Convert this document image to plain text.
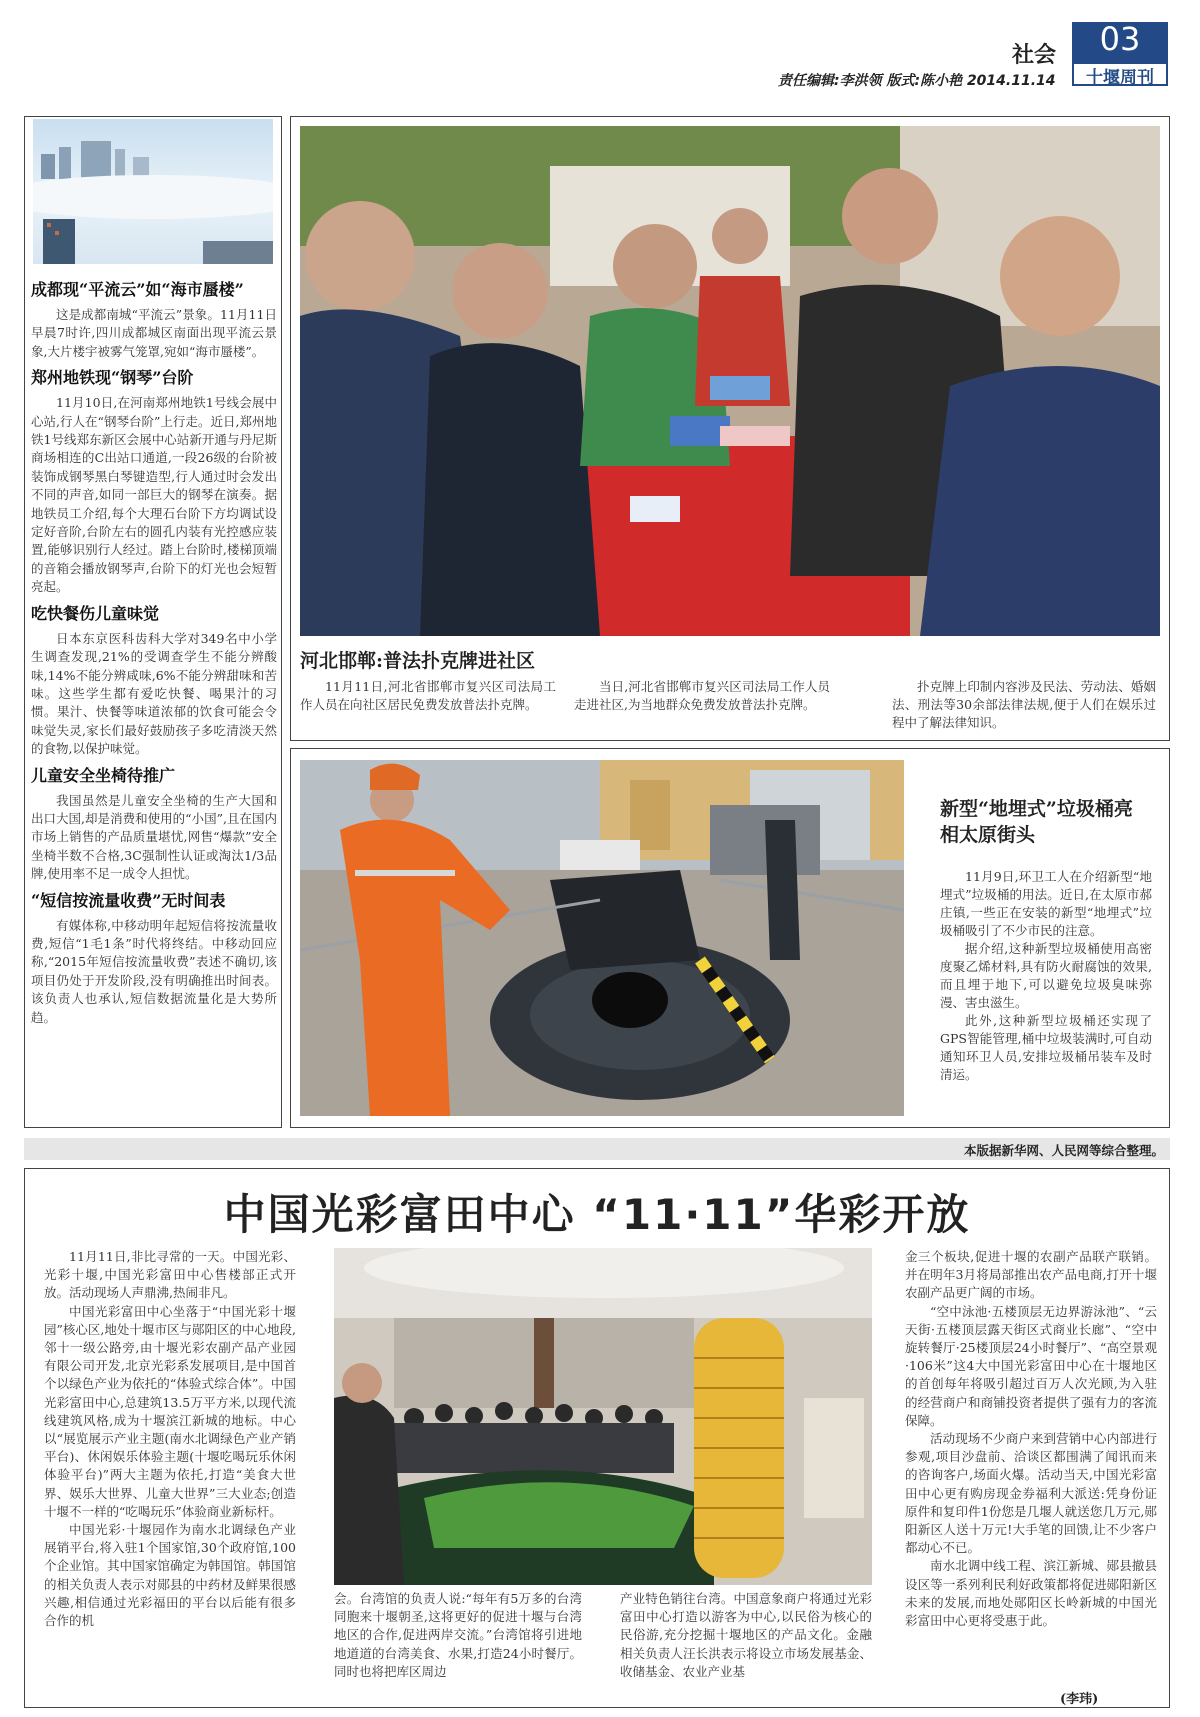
社会	03
十堰周刊
责任编辑:李洪领 版式:陈小艳 2014.11.14
成都现“平流云”如“海市蜃楼”
这是成都南城“平流云”景象。11月11日早晨7时许,四川成都城区南面出现平流云景象,大片楼宇被雾气笼罩,宛如“海市蜃楼”。
郑州地铁现“钢琴”台阶
11月10日,在河南郑州地铁1号线会展中心站,行人在“钢琴台阶”上行走。近日,郑州地铁1号线郑东新区会展中心站新开通与丹尼斯商场相连的C出站口通道,一段26级的台阶被装饰成钢琴黑白琴键造型,行人通过时会发出不同的声音,如同一部巨大的钢琴在演奏。据地铁员工介绍,每个大理石台阶下方均调试设定好音阶,台阶左右的圆孔内装有光控感应装置,能够识别行人经过。踏上台阶时,楼梯顶端的音箱会播放钢琴声,台阶下的灯光也会短暂亮起。
吃快餐伤儿童味觉
日本东京医科齿科大学对349名中小学生调查发现,21%的受调查学生不能分辨酸味,14%不能分辨咸味,6%不能分辨甜味和苦味。这些学生都有爱吃快餐、喝果汁的习惯。果汁、快餐等味道浓郁的饮食可能会令味觉失灵,家长们最好鼓励孩子多吃清淡天然的食物,以保护味觉。
儿童安全坐椅待推广
我国虽然是儿童安全坐椅的生产大国和出口大国,却是消费和使用的“小国”,且在国内市场上销售的产品质量堪忧,网售“爆款”安全坐椅半数不合格,3C强制性认证或淘汰1/3品牌,使用率不足一成令人担忧。
“短信按流量收费”无时间表
有媒体称,中移动明年起短信将按流量收费,短信“1毛1条”时代将终结。中移动回应称,“2015年短信按流量收费”表述不确切,该项目仍处于开发阶段,没有明确推出时间表。该负责人也承认,短信数据流量化是大势所趋。
河北邯郸:普法扑克牌进社区
11月11日,河北省邯郸市复兴区司法局工作人员在向社区居民免费发放普法扑克牌。
当日,河北省邯郸市复兴区司法局工作人员走进社区,为当地群众免费发放普法扑克牌。
扑克牌上印制内容涉及民法、劳动法、婚姻法、刑法等30余部法律法规,便于人们在娱乐过程中了解法律知识。
新型“地埋式”垃圾桶亮相太原街头
11月9日,环卫工人在介绍新型“地埋式”垃圾桶的用法。近日,在太原市郝庄镇,一些正在安装的新型“地埋式”垃圾桶吸引了不少市民的注意。
据介绍,这种新型垃圾桶使用高密度聚乙烯材料,具有防火耐腐蚀的效果,而且埋于地下,可以避免垃圾臭味弥漫、害虫滋生。
此外,这种新型垃圾桶还实现了GPS智能管理,桶中垃圾装满时,可自动通知环卫人员,安排垃圾桶吊装车及时清运。
本版据新华网、人民网等综合整理。
中国光彩富田中心 “11·11”华彩开放

11月11日,非比寻常的一天。中国光彩、光彩十堰,中国光彩富田中心售楼部正式开放。活动现场人声鼎沸,热闹非凡。

中国光彩富田中心坐落于“中国光彩十堰园”核心区,地处十堰市区与郧阳区的中心地段,邻十一级公路旁,由十堰光彩农副产品产业园有限公司开发,北京光彩系发展项目,是中国首个以绿色产业为依托的“体验式综合体”。中国光彩富田中心,总建筑13.5万平方米,以现代流线建筑风格,成为十堰滨江新城的地标。中心以“展览展示产业主题(南水北调绿色产业产销平台)、休闲娱乐体验主题(十堰吃喝玩乐休闲体验平台)”两大主题为依托,打造“美食大世界、娱乐大世界、儿童大世界”三大业态;创造十堰不一样的“吃喝玩乐”体验商业新标杆。

中国光彩·十堰园作为南水北调绿色产业展销平台,将入驻1个国家馆,30个政府馆,100个企业馆。其中国家馆确定为韩国馆。韩国馆的相关负责人表示对郧县的中药材及鲜果很感兴趣,相信通过光彩福田的平台以后能有很多合作的机

会。台湾馆的负责人说:“每年有5万多的台湾同胞来十堰朝圣,这将更好的促进十堰与台湾地区的合作,促进两岸交流。”台湾馆将引进地地道道的台湾美食、水果,打造24小时餐厅。同时也将把库区周边

产业特色销往台湾。中国意象商户将通过光彩富田中心打造以游客为中心,以民俗为核心的民俗游,充分挖掘十堰地区的产品文化。金融相关负责人汪长洪表示将设立市场发展基金、收储基金、农业产业基

金三个板块,促进十堰的农副产品联产联销。并在明年3月将局部推出农产品电商,打开十堰农副产品更广阔的市场。

“空中泳池·五楼顶层无边界游泳池”、“云天街·五楼顶层露天街区式商业长廊”、“空中旋转餐厅·25楼顶层24小时餐厅”、“高空景观·106米”这4大中国光彩富田中心在十堰地区的首创每年将吸引超过百万人次光顾,为入驻的经营商户和商铺投资者提供了强有力的客流保障。

活动现场不少商户来到营销中心内部进行参观,项目沙盘前、洽谈区都围满了闻讯而来的咨询客户,场面火爆。活动当天,中国光彩富田中心更有购房现金券福利大派送:凭身份证原件和复印件1份您是几堰人就送您几万元,郧阳新区人送十万元!大手笔的回馈,让不少客户都动心不已。

南水北调中线工程、滨江新城、郧县撤县设区等一系列利民利好政策都将促进郧阳新区未来的发展,而地处郧阳区长岭新城的中国光彩富田中心更将受惠于此。

(李玮)
